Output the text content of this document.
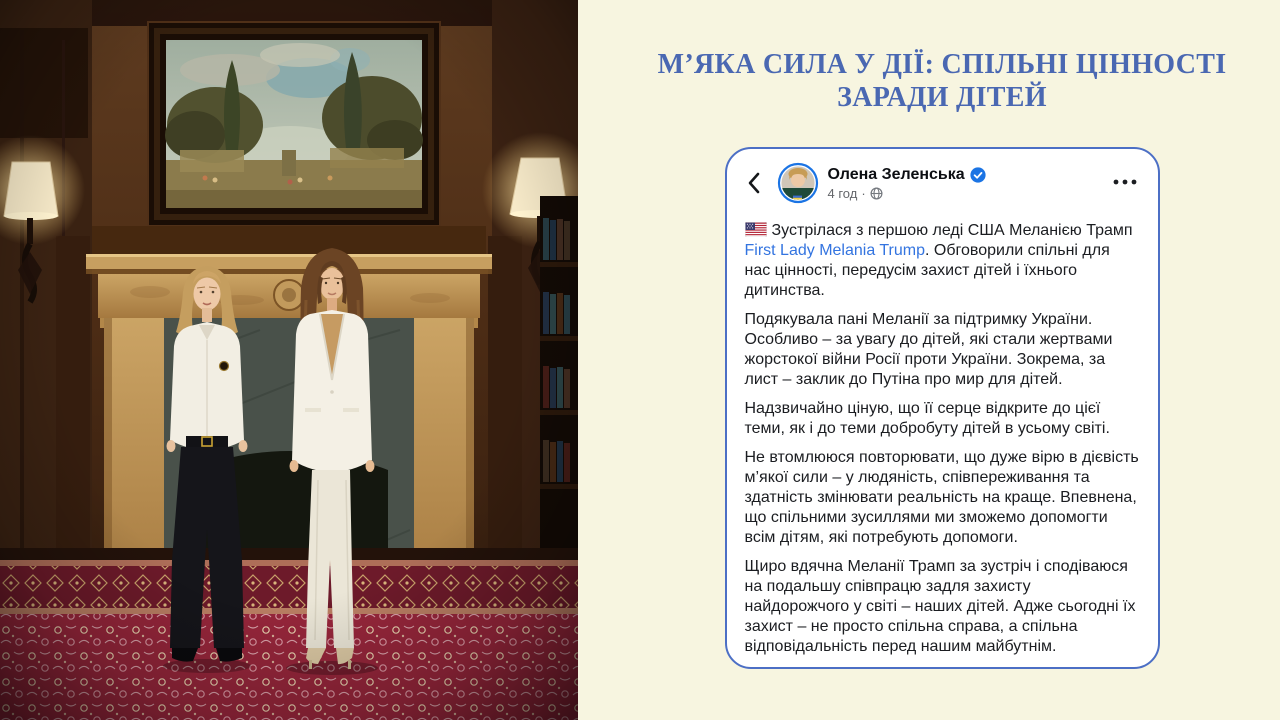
М’ЯКА СИЛА У ДІЇ: СПІЛЬНІ ЦІННОСТІ
ЗАРАДИ ДІТЕЙ
Олена Зеленська
4 год ·

Зустрілася з першою леді США Меланією Трамп First Lady Melania Trump. Обговорили спільні для нас цінності, передусім захист дітей і їхнього дитинства.

Подякувала пані Меланії за підтримку України. Особливо – за увагу до дітей, які стали жертвами жорстокої війни Росії проти України. Зокрема, за лист – заклик до Путіна про мир для дітей.

Надзвичайно ціную, що її серце відкрите до цієї теми, як і до теми добробуту дітей в усьому світі.

Не втомлююся повторювати, що дуже вірю в дієвість м’якої сили – у людяність, співпереживання та здатність змінювати реальність на краще. Впевнена, що спільними зусиллями ми зможемо допомогти всім дітям, які потребують допомоги.

Щиро вдячна Меланії Трамп за зустріч і сподіваюся на подальшу співпрацю задля захисту найдорожчого у світі – наших дітей. Адже сьогодні їх захист – не просто спільна справа, а спільна відповідальність перед нашим майбутнім.
